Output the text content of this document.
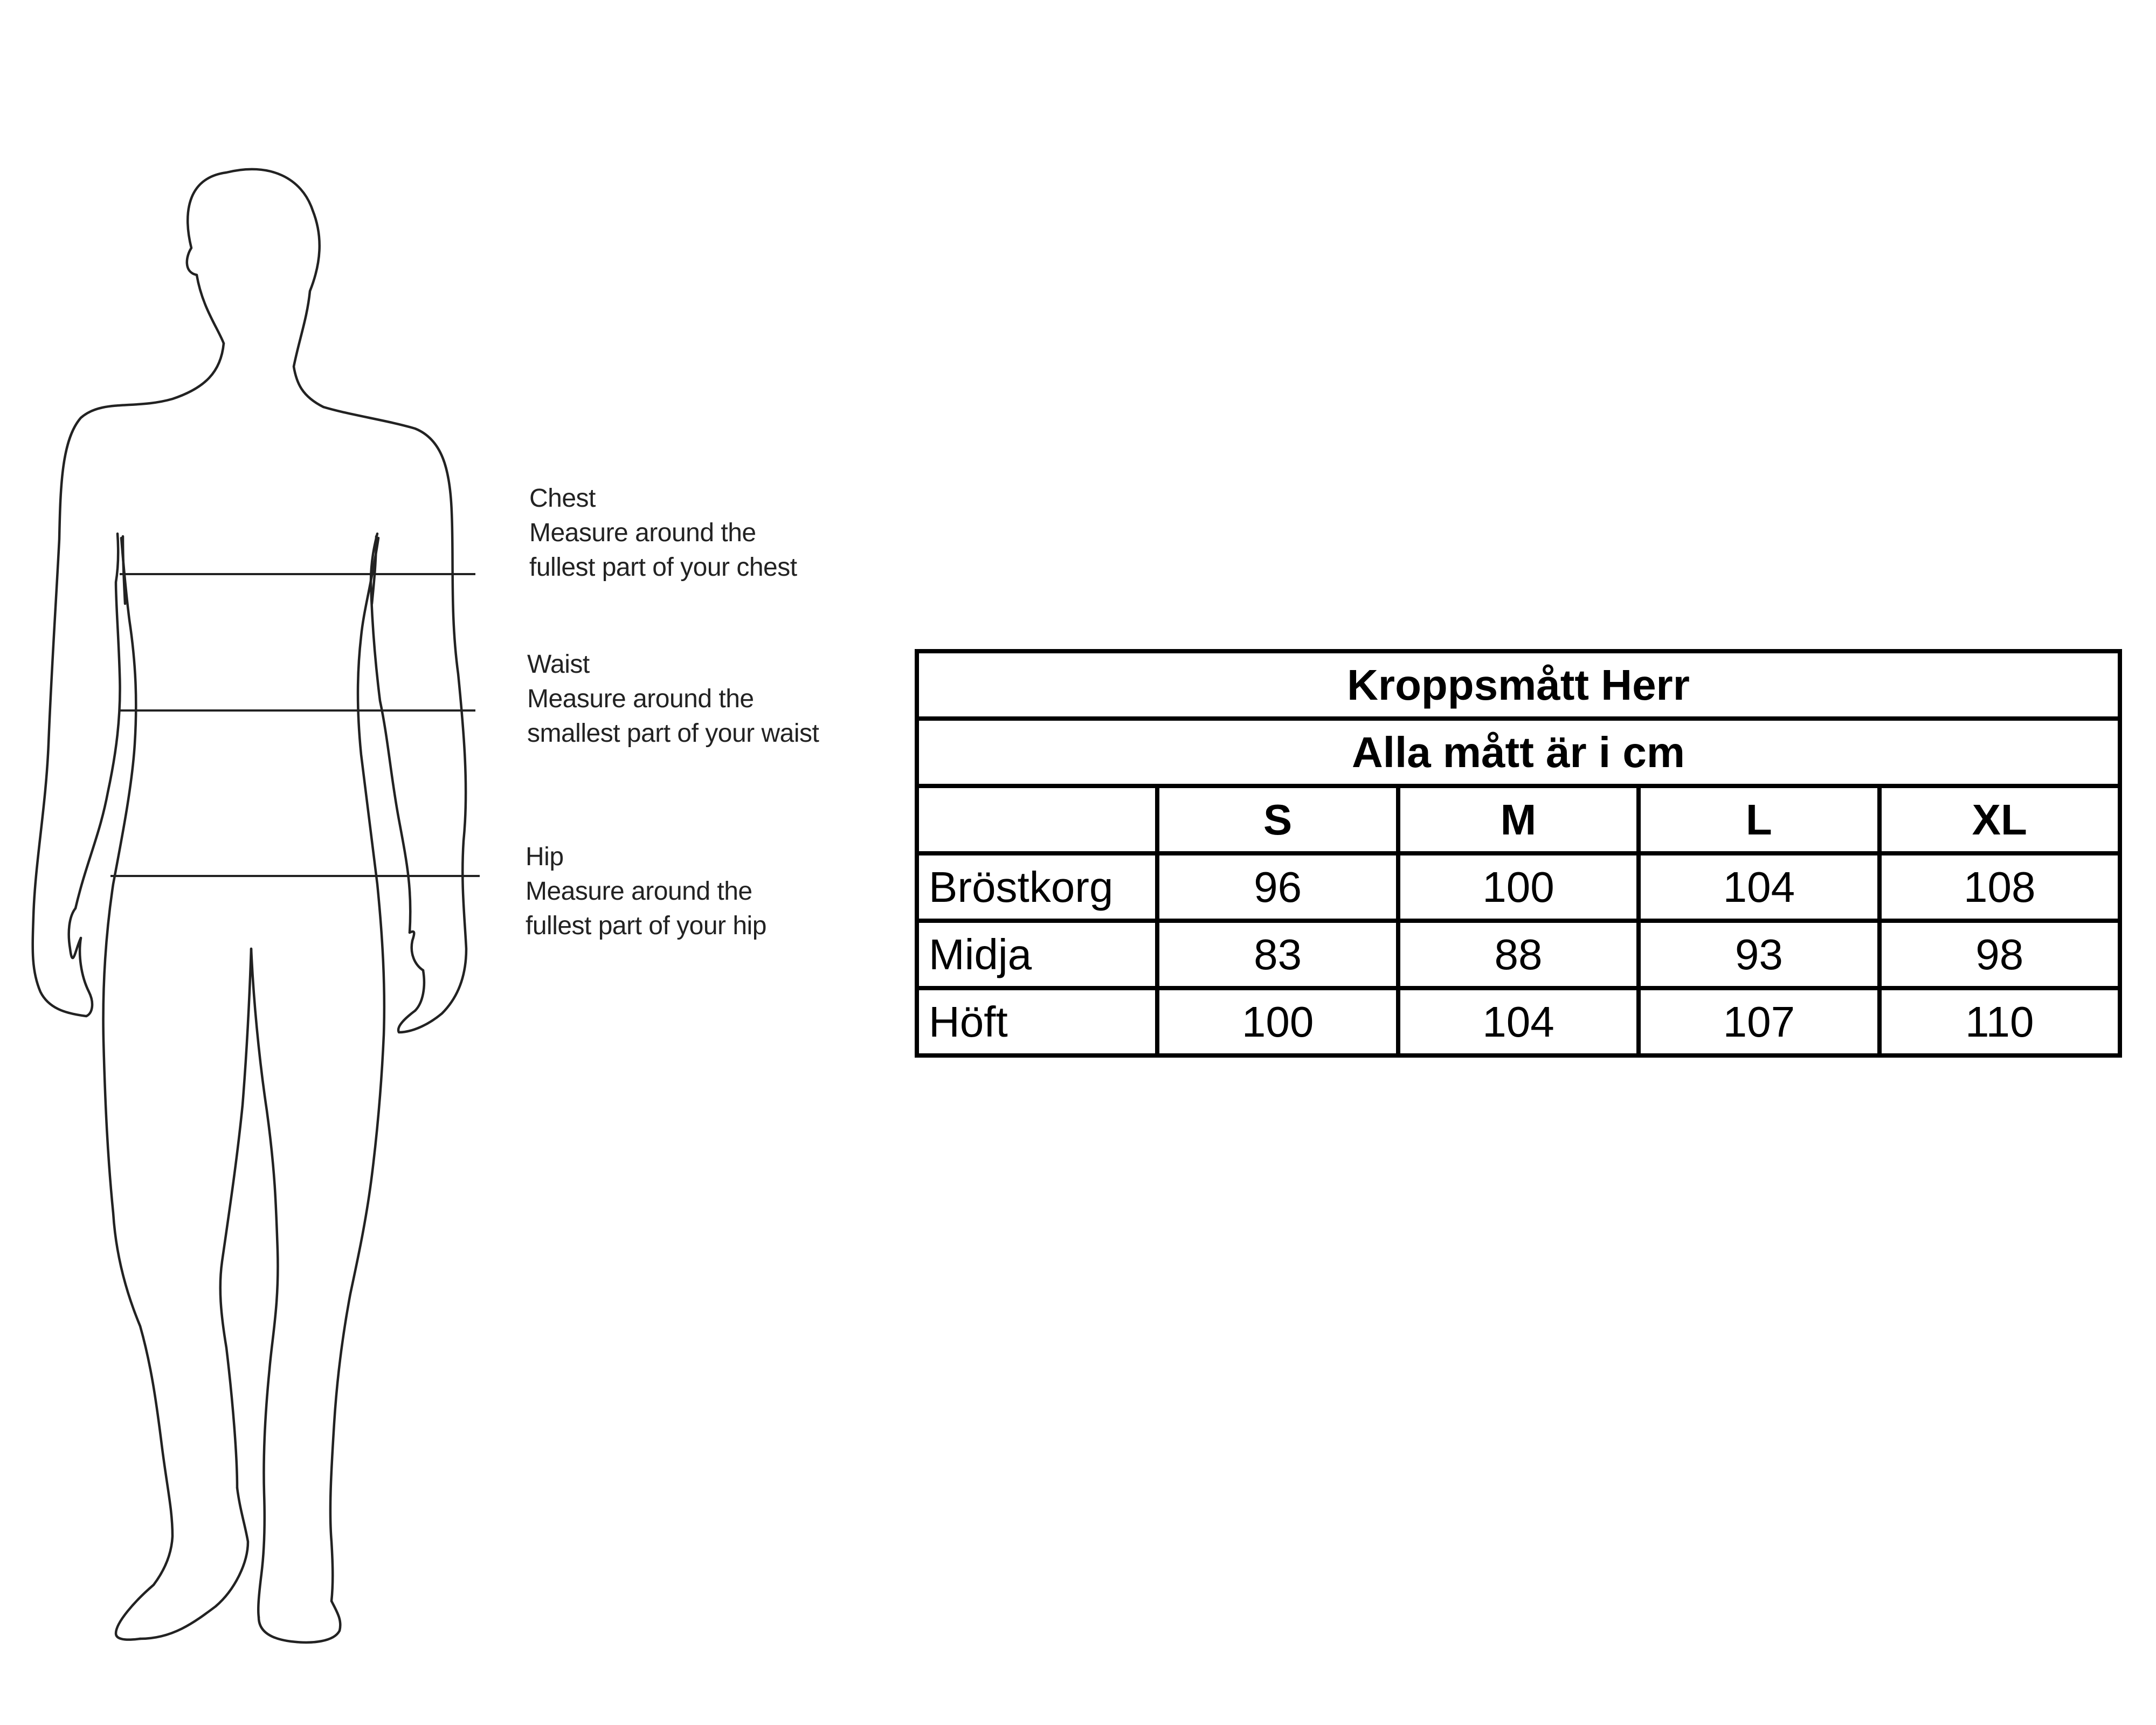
Chest
Measure around the
fullest part of your chest
Waist
Measure around the
smallest part of your waist
Hip
Measure around the
fullest part of your hip
Kroppsmått Herr				
Alla mått är i cm				
	S	M	L	XL
Bröstkorg	96	100	104	108
Midja	83	88	93	98
Höft	100	104	107	110
